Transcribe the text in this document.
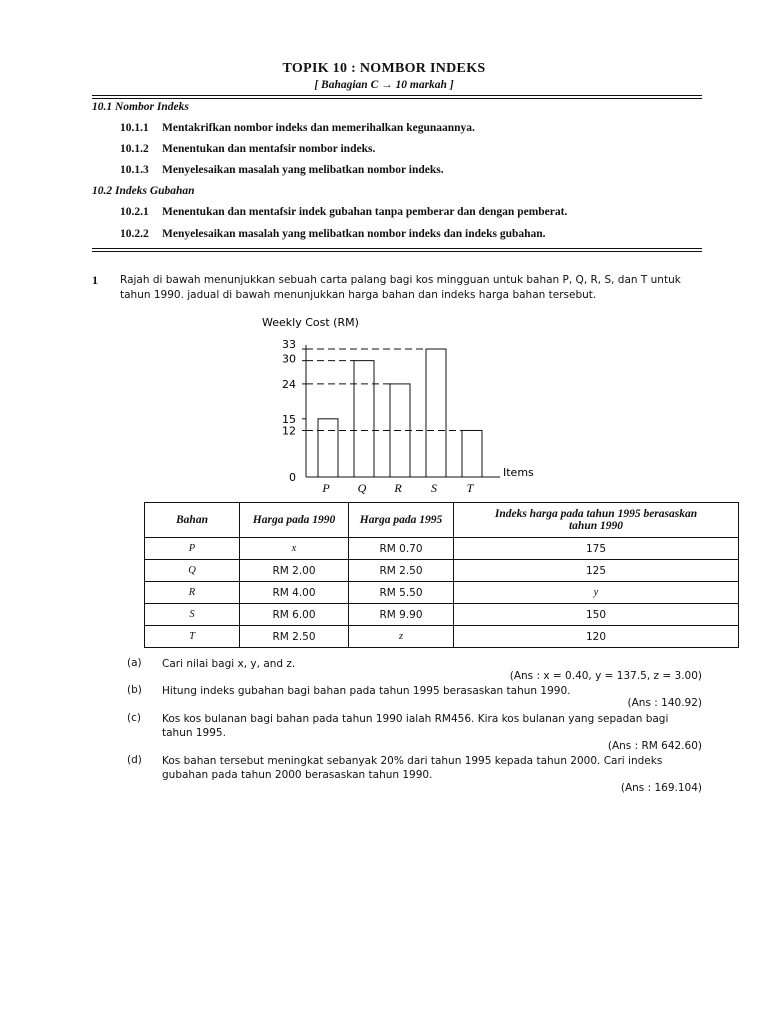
TOPIK 10 : NOMBOR INDEKS
[ Bahagian C → 10 markah ]
10.1 Nombor Indeks
10.1.1 Mentakrifkan nombor indeks dan memerihalkan kegunaannya.
10.1.2 Menentukan dan mentafsir nombor indeks.
10.1.3 Menyelesaikan masalah yang melibatkan nombor indeks.
10.2 Indeks Gubahan
10.2.1 Menentukan dan mentafsir indek gubahan tanpa pemberar dan dengan pemberat.
10.2.2 Menyelesaikan masalah yang melibatkan nombor indeks dan indeks gubahan.
1 Rajah di bawah menunjukkan sebuah carta palang bagi kos mingguan untuk bahan P, Q, R, S, dan T untuk tahun 1990. jadual di bawah menunjukkan harga bahan dan indeks harga bahan tersebut.
Weekly Cost (RM)
0
12
15
24
30
33
P Q R S T
Items
Bahan	Harga pada 1990	Harga pada 1995	Indeks harga pada tahun 1995 berasaskan tahun 1990
P	x	RM 0.70	175
Q	RM 2.00	RM 2.50	125
R	RM 4.00	RM 5.50	y
S	RM 6.00	RM 9.90	150
T	RM 2.50	z	120
(a) Cari nilai bagi x, y, and z.
(Ans : x = 0.40, y = 137.5, z = 3.00)
(b) Hitung indeks gubahan bagi bahan pada tahun 1995 berasaskan tahun 1990.
(Ans : 140.92)
(c) Kos kos bulanan bagi bahan pada tahun 1990 ialah RM456. Kira kos bulanan yang sepadan bagi tahun 1995.
(Ans : RM 642.60)
(d) Kos bahan tersebut meningkat sebanyak 20% dari tahun 1995 kepada tahun 2000. Cari indeks gubahan pada tahun 2000 berasaskan tahun 1990.
(Ans : 169.104)
